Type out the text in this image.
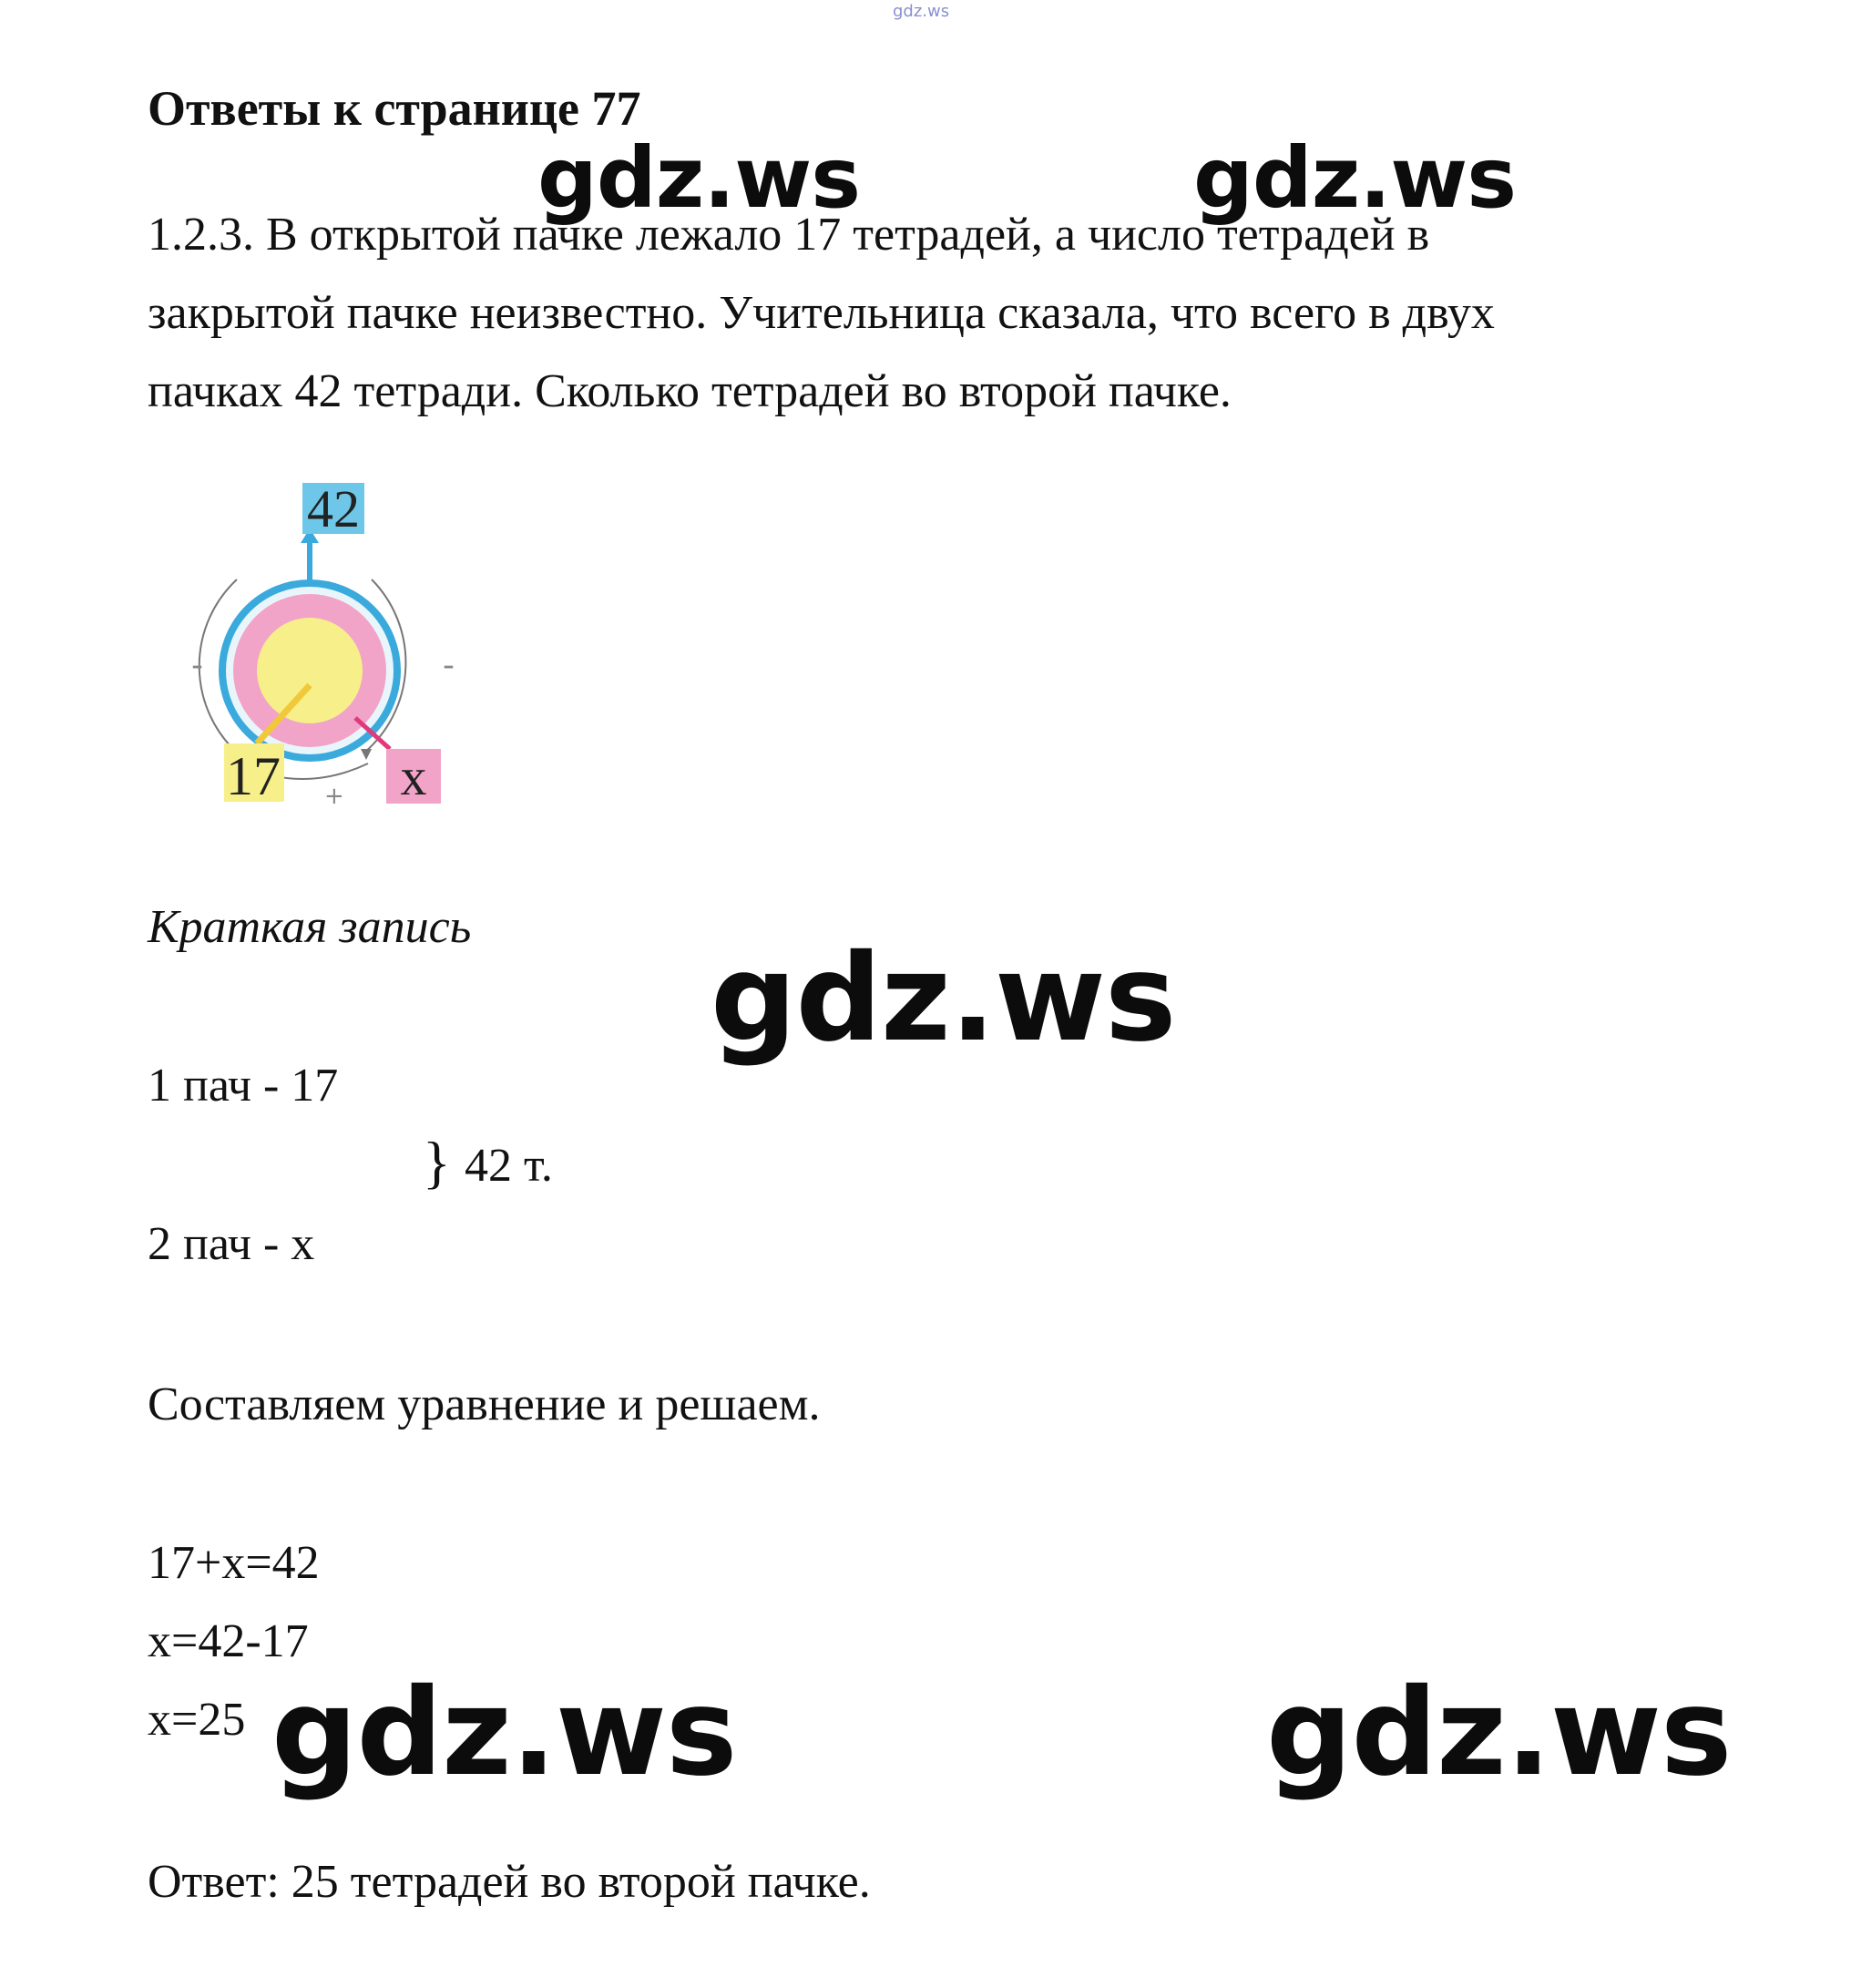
gdz.ws
Ответы к странице 77
gdz.ws	gdz.ws
1.2.3. В открытой пачке лежало 17 тетрадей, а число тетрадей в
закрытой пачке неизвестно. Учительница сказала, что всего в двух
пачках 42 тетради. Сколько тетрадей во второй пачке.
42
17 x
-	-
+
Краткая запись
gdz.ws
1 пач - 17
} 42 т.
2 пач - х
Составляем уравнение и решаем.
17+х=42
х=42-17
х=25 gdz.ws	gdz.ws
Ответ: 25 тетрадей во второй пачке.
